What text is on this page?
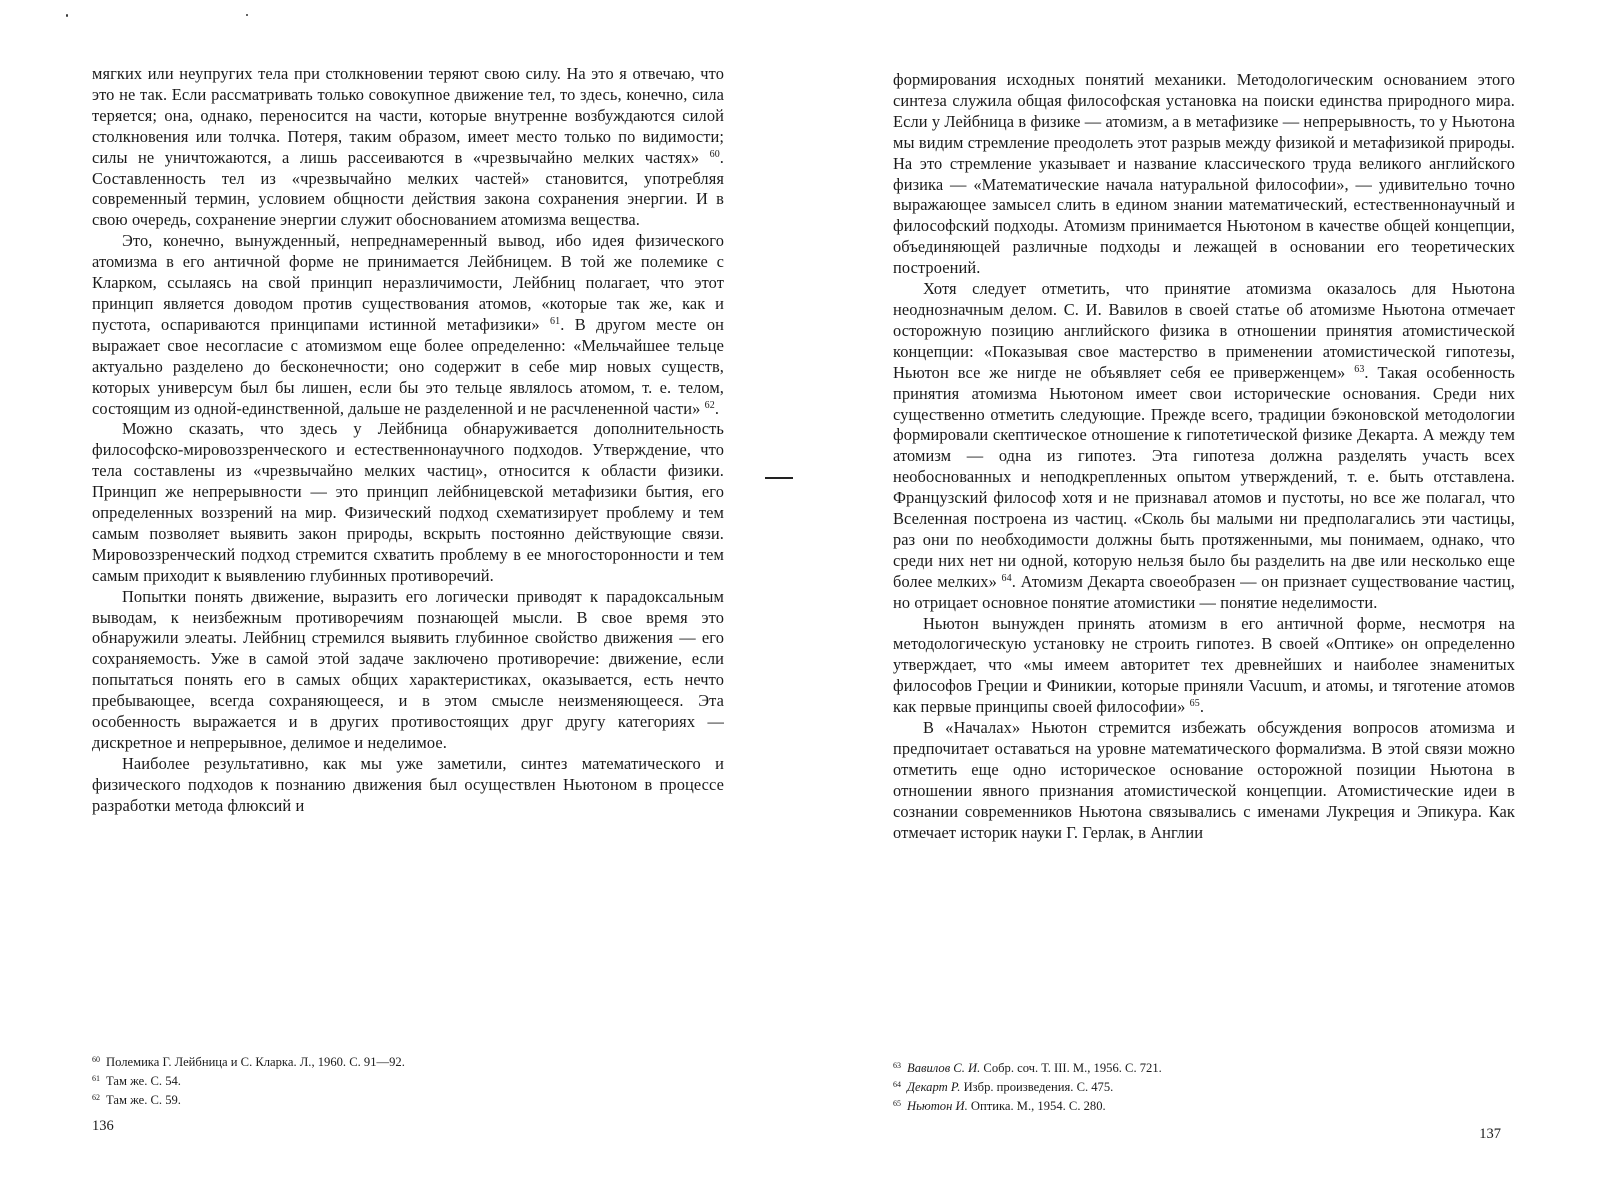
мягких или неупругих тела при столкновении теряют свою силу. На это я отвечаю, что это не так. Если рассматривать только совокупное движение тел, то здесь, конечно, сила теряется; она, однако, переносится на части, которые внутренне возбуждаются силой столкновения или толчка. Потеря, таким образом, имеет место только по видимости; силы не уничтожаются, а лишь рассеиваются в «чрезвычайно мелких частях» $^{60}$. Составленность тел из «чрезвычайно мелких частей» становится, употребляя современный термин, условием общности действия закона сохранения энергии. И в свою очередь, сохранение энергии служит обоснованием атомизма вещества.

Это, конечно, вынужденный, непреднамеренный вывод, ибо идея физического атомизма в его античной форме не принимается Лейбницем. В той же полемике с Кларком, ссылаясь на свой принцип неразличимости, Лейбниц полагает, что этот принцип является доводом против существования атомов, «которые так же, как и пустота, оспариваются принципами истинной метафизики» $^{61}$. В другом месте он выражает свое несогласие с атомизмом еще более определенно: «Мельчайшее тельце актуально разделено до бесконечности; оно содержит в себе мир новых существ, которых универсум был бы лишен, если бы это тельце являлось атомом, т. е. телом, состоящим из одной-единственной, дальше не разделенной и не расчлененной части» $^{62}$.

Можно сказать, что здесь у Лейбница обнаруживается дополнительность философско-мировоззренческого и естественнонаучного подходов. Утверждение, что тела составлены из «чрезвычайно мелких частиц», относится к области физики. Принцип же непрерывности — это принцип лейбницевской метафизики бытия, его определенных воззрений на мир. Физический подход схематизирует проблему и тем самым позволяет выявить закон природы, вскрыть постоянно действующие связи. Мировоззренческий подход стремится схватить проблему в ее многосторонности и тем самым приходит к выявлению глубинных противоречий.

Попытки понять движение, выразить его логически приводят к парадоксальным выводам, к неизбежным противоречиям познающей мысли. В свое время это обнаружили элеаты. Лейбниц стремился выявить глубинное свойство движения — его сохраняемость. Уже в самой этой задаче заключено противоречие: движение, если попытаться понять его в самых общих характеристиках, оказывается, есть нечто пребывающее, всегда сохраняющееся, и в этом смысле неизменяющееся. Эта особенность выражается и в других противостоящих друг другу категориях — дискретное и непрерывное, делимое и неделимое.

Наиболее результативно, как мы уже заметили, синтез математического и физического подходов к познанию движения был осуществлен Ньютоном в процессе разработки метода флюксий и

$^{60}$ Полемика Г. Лейбница и С. Кларка. Л., 1960. С. 91—92.
$^{61}$ Там же. С. 54.
$^{62}$ Там же. С. 59.
136

формирования исходных понятий механики. Методологическим основанием этого синтеза служила общая философская установка на поиски единства природного мира. Если у Лейбница в физике — атомизм, а в метафизике — непрерывность, то у Ньютона мы видим стремление преодолеть этот разрыв между физикой и метафизикой природы. На это стремление указывает и название классического труда великого английского физика — «Математические начала натуральной философии», — удивительно точно выражающее замысел слить в едином знании математический, естественнонаучный и философский подходы. Атомизм принимается Ньютоном в качестве общей концепции, объединяющей различные подходы и лежащей в основании его теоретических построений.

Хотя следует отметить, что принятие атомизма оказалось для Ньютона неоднозначным делом. С. И. Вавилов в своей статье об атомизме Ньютона отмечает осторожную позицию английского физика в отношении принятия атомистической концепции: «Показывая свое мастерство в применении атомистической гипотезы, Ньютон все же нигде не объявляет себя ее приверженцем» $^{63}$. Такая особенность принятия атомизма Ньютоном имеет свои исторические основания. Среди них существенно отметить следующие. Прежде всего, традиции бэконовской методологии формировали скептическое отношение к гипотетической физике Декарта. А между тем атомизм — одна из гипотез. Эта гипотеза должна разделять участь всех необоснованных и неподкрепленных опытом утверждений, т. е. быть отставлена. Французский философ хотя и не признавал атомов и пустоты, но все же полагал, что Вселенная построена из частиц. «Сколь бы малыми ни предполагались эти частицы, раз они по необходимости должны быть протяженными, мы понимаем, однако, что среди них нет ни одной, которую нельзя было бы разделить на две или несколько еще более мелких» $^{64}$. Атомизм Декарта своеобразен — он признает существование частиц, но отрицает основное понятие атомистики — понятие неделимости.

Ньютон вынужден принять атомизм в его античной форме, несмотря на методологическую установку не строить гипотез. В своей «Оптике» он определенно утверждает, что «мы имеем авторитет тех древнейших и наиболее знаменитых философов Греции и Финикии, которые приняли Vacuum, и атомы, и тяготение атомов как первые принципы своей философии» $^{65}$.

В «Началах» Ньютон стремится избежать обсуждения вопросов атомизма и предпочитает оставаться на уровне математического формализма. В этой связи можно отметить еще одно историческое основание осторожной позиции Ньютона в отношении явного признания атомистической концепции. Атомистические идеи в сознании современников Ньютона связывались с именами Лукреция и Эпикура. Как отмечает историк науки Г. Герлак, в Англии

$^{63}$ Вавилов С. И. Собр. соч. Т. III. М., 1956. С. 721.
$^{64}$ Декарт Р. Избр. произведения. С. 475.
$^{65}$ Ньютон И. Оптика. М., 1954. С. 280.
137
